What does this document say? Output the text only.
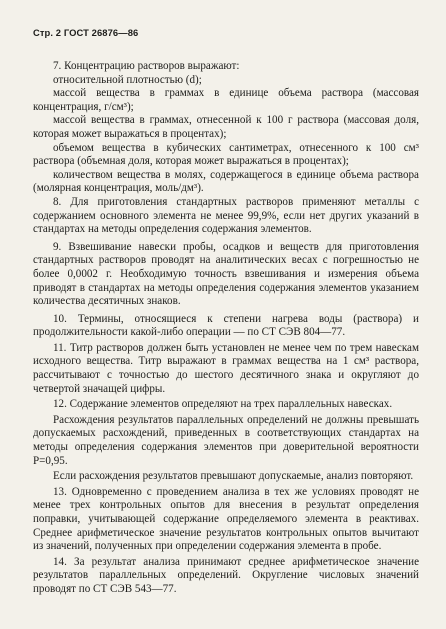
Стр. 2 ГОСТ 26876—86

7. Концентрацию растворов выражают:

относительной плотностью (d);

массой вещества в граммах в единице объема раствора (массовая концентрация, г/см³);

массой вещества в граммах, отнесенной к 100 г раствора (массовая доля, которая может выражаться в процентах);

объемом вещества в кубических сантиметрах, отнесенного к 100 см³ раствора (объемная доля, которая может выражаться в процентах);

количеством вещества в молях, содержащегося в единице объема раствора (молярная концентрация, моль/дм³).

8. Для приготовления стандартных растворов применяют металлы с содержанием основного элемента не менее 99,9%, если нет других указаний в стандартах на методы определения содержания элементов.

9. Взвешивание навески пробы, осадков и веществ для приготовления стандартных растворов проводят на аналитических весах с погрешностью не более 0,0002 г. Необходимую точность взвешивания и измерения объема приводят в стандартах на методы определения содержания элементов указанием количества десятичных знаков.

10. Термины, относящиеся к степени нагрева воды (раствора) и продолжительности какой-либо операции — по СТ СЭВ 804—77.

11. Титр растворов должен быть установлен не менее чем по трем навескам исходного вещества. Титр выражают в граммах вещества на 1 см³ раствора, рассчитывают с точностью до шестого десятичного знака и округляют до четвертой значащей цифры.

12. Содержание элементов определяют на трех параллельных навесках.

Расхождения результатов параллельных определений не должны превышать допускаемых расхождений, приведенных в соответствующих стандартах на методы определения содержания элементов при доверительной вероятности P=0,95.

Если расхождения результатов превышают допускаемые, анализ повторяют.

13. Одновременно с проведением анализа в тех же условиях проводят не менее трех контрольных опытов для внесения в результат определения поправки, учитывающей содержание определяемого элемента в реактивах. Среднее арифметическое значение результатов контрольных опытов вычитают из значений, полученных при определении содержания элемента в пробе.

14. За результат анализа принимают среднее арифметическое значение результатов параллельных определений. Округление числовых значений проводят по СТ СЭВ 543—77.
